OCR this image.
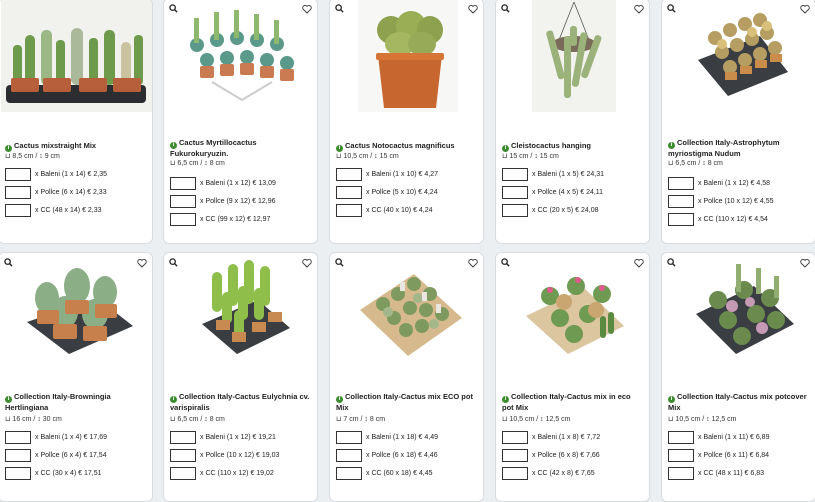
i Cactus mixstraight Mix
⊔ 8,5 cm / ↕ 9 cm
x Baleni (1 x 14) € 2,35
x Pollce (6 x 14) € 2,33
x CC (48 x 14) € 2,33
i Cactus Myrtillocactus Fukurokuryuzin.
⊔ 6,5 cm / ↕ 8 cm
x Baleni (1 x 12) € 13,09
x Pollce (9 x 12) € 12,96
x CC (99 x 12) € 12,97
i Cactus Notocactus magnificus
⊔ 10,5 cm / ↕ 15 cm
x Baleni (1 x 10) € 4,27
x Pollce (5 x 10) € 4,24
x CC (40 x 10) € 4,24
i Cleistocactus hanging
⊔ 15 cm / ↕ 15 cm
x Baleni (1 x 5) € 24,31
x Pollce (4 x 5) € 24,11
x CC (20 x 5) € 24,08
i Collection Italy-Astrophytum myriostigma Nudum
⊔ 6,5 cm / ↕ 8 cm
x Baleni (1 x 12) € 4,58
x Pollce (10 x 12) € 4,55
x CC (110 x 12) € 4,54
i Collection Italy-Browningia Hertlingiana
⊔ 16 cm / ↕ 30 cm
x Baleni (1 x 4) € 17,69
x Pollce (6 x 4) € 17,54
x CC (30 x 4) € 17,51
i Collection Italy-Cactus Eulychnia cv. varispiralis
⊔ 6,5 cm / ↕ 8 cm
x Baleni (1 x 12) € 19,21
x Pollce (10 x 12) € 19,03
x CC (110 x 12) € 19,02
i Collection Italy-Cactus mix ECO pot Mix
⊔ 7 cm / ↕ 8 cm
x Baleni (1 x 18) € 4,49
x Pollce (6 x 18) € 4,46
x CC (60 x 18) € 4,45
i Collection Italy-Cactus mix in eco pot Mix
⊔ 10,5 cm / ↕ 12,5 cm
x Baleni (1 x 8) € 7,72
x Pollce (6 x 8) € 7,66
x CC (42 x 8) € 7,65
i Collection Italy-Cactus mix potcover Mix
⊔ 10,5 cm / ↕ 12,5 cm
x Baleni (1 x 11) € 6,89
x Pollce (6 x 11) € 6,84
x CC (48 x 11) € 6,83
